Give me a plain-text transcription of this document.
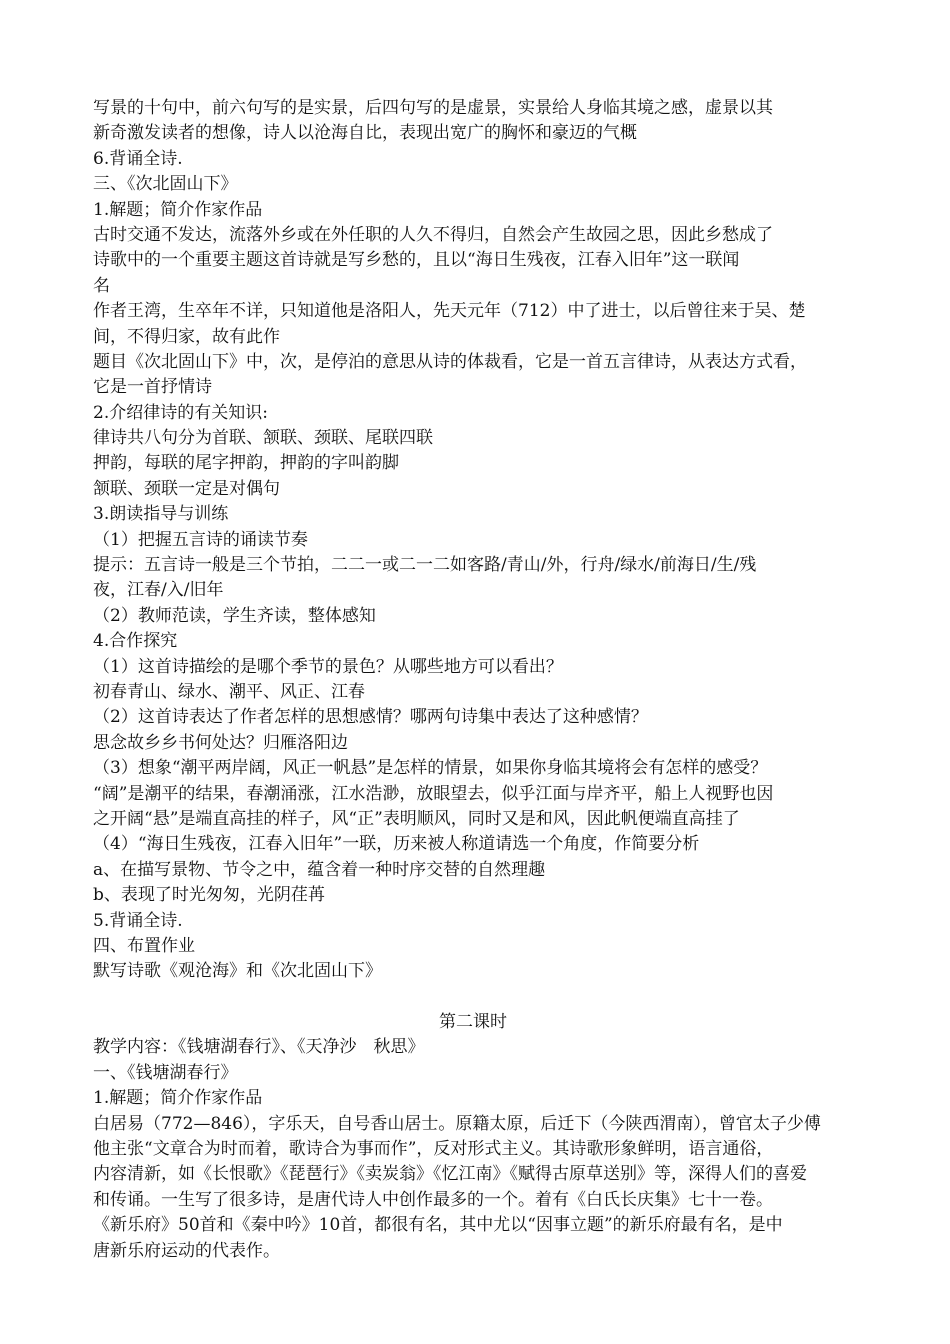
写景的十句中，前六句写的是实景，后四句写的是虚景，实景给人身临其境之感，虚景以其
新奇激发读者的想像，诗人以沧海自比，表现出宽广的胸怀和豪迈的气概
6.背诵全诗.
三、《次北固山下》
1.解题；简介作家作品
古时交通不发达，流落外乡或在外任职的人久不得归，自然会产生故园之思，因此乡愁成了
诗歌中的一个重要主题这首诗就是写乡愁的，且以“海日生残夜，江春入旧年”这一联闻
名
作者王湾，生卒年不详，只知道他是洛阳人，先天元年（712）中了进士，以后曾往来于吴、楚
间，不得归家，故有此作
题目《次北固山下》中，次，是停泊的意思从诗的体裁看，它是一首五言律诗，从表达方式看，
它是一首抒情诗
2.介绍律诗的有关知识:
律诗共八句分为首联、颔联、颈联、尾联四联
押韵，每联的尾字押韵，押韵的字叫韵脚
颔联、颈联一定是对偶句
3.朗读指导与训练
（1）把握五言诗的诵读节奏
提示：五言诗一般是三个节拍，二二一或二一二如客路/青山/外，行舟/绿水/前海日/生/残
夜，江春/入/旧年
（2）教师范读，学生齐读，整体感知
4.合作探究
（1）这首诗描绘的是哪个季节的景色？从哪些地方可以看出？
初春青山、绿水、潮平、风正、江春
（2）这首诗表达了作者怎样的思想感情？哪两句诗集中表达了这种感情？
思念故乡乡书何处达？归雁洛阳边
（3）想象“潮平两岸阔，风正一帆悬”是怎样的情景，如果你身临其境将会有怎样的感受？
“阔”是潮平的结果，春潮涌涨，江水浩渺，放眼望去，似乎江面与岸齐平，船上人视野也因
之开阔“悬”是端直高挂的样子，风“正”表明顺风，同时又是和风，因此帆便端直高挂了
（4）“海日生残夜，江春入旧年”一联，历来被人称道请选一个角度，作简要分析
a、在描写景物、节令之中，蕴含着一种时序交替的自然理趣
b、表现了时光匆匆，光阴荏苒
5.背诵全诗.
四、布置作业
默写诗歌《观沧海》和《次北固山下》
第二课时
教学内容：《钱塘湖春行》、《天净沙　秋思》
一、《钱塘湖春行》
1.解题；简介作家作品
白居易（772—846），字乐天，自号香山居士。原籍太原，后迁下（今陕西渭南），曾官太子少傅
他主张“文章合为时而着，歌诗合为事而作”，反对形式主义。其诗歌形象鲜明，语言通俗，
内容清新，如《长恨歌》《琵琶行》《卖炭翁》《忆江南》《赋得古原草送别》等，深得人们的喜爱
和传诵。一生写了很多诗，是唐代诗人中创作最多的一个。着有《白氏长庆集》七十一卷。
《新乐府》50首和《秦中吟》10首，都很有名，其中尤以“因事立题”的新乐府最有名，是中
唐新乐府运动的代表作。
